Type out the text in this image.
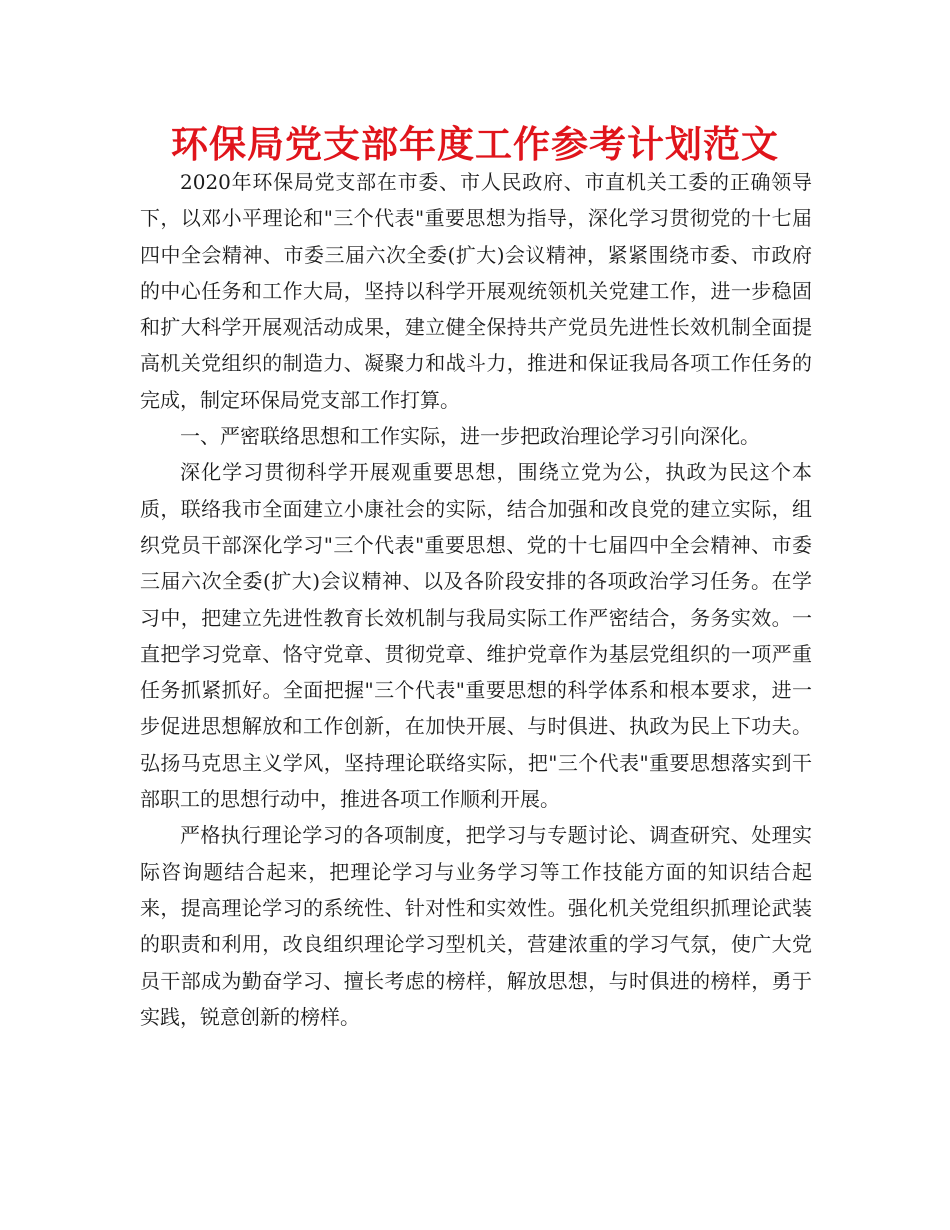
环保局党支部年度工作参考计划范文

2020年环保局党支部在市委、市人民政府、市直机关工委的正确领导下，以邓小平理论和"三个代表"重要思想为指导，深化学习贯彻党的十七届四中全会精神、市委三届六次全委(扩大)会议精神，紧紧围绕市委、市政府的中心任务和工作大局，坚持以科学开展观统领机关党建工作，进一步稳固和扩大科学开展观活动成果，建立健全保持共产党员先进性长效机制全面提高机关党组织的制造力、凝聚力和战斗力，推进和保证我局各项工作任务的完成，制定环保局党支部工作打算。

一、严密联络思想和工作实际，进一步把政治理论学习引向深化。

深化学习贯彻科学开展观重要思想，围绕立党为公，执政为民这个本质，联络我市全面建立小康社会的实际，结合加强和改良党的建立实际，组织党员干部深化学习"三个代表"重要思想、党的十七届四中全会精神、市委三届六次全委(扩大)会议精神、以及各阶段安排的各项政治学习任务。在学习中，把建立先进性教育长效机制与我局实际工作严密结合，务务实效。一直把学习党章、恪守党章、贯彻党章、维护党章作为基层党组织的一项严重任务抓紧抓好。全面把握"三个代表"重要思想的科学体系和根本要求，进一步促进思想解放和工作创新，在加快开展、与时俱进、执政为民上下功夫。弘扬马克思主义学风，坚持理论联络实际，把"三个代表"重要思想落实到干部职工的思想行动中，推进各项工作顺利开展。

严格执行理论学习的各项制度，把学习与专题讨论、调查研究、处理实际咨询题结合起来，把理论学习与业务学习等工作技能方面的知识结合起来，提高理论学习的系统性、针对性和实效性。强化机关党组织抓理论武装的职责和利用，改良组织理论学习型机关，营建浓重的学习气氛，使广大党员干部成为勤奋学习、擅长考虑的榜样，解放思想，与时俱进的榜样，勇于实践，锐意创新的榜样。
